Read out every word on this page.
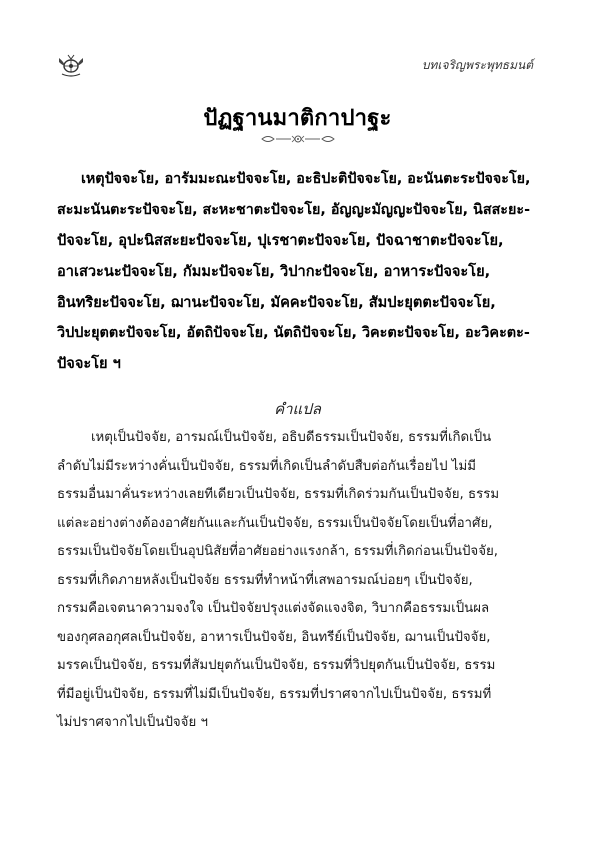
บทเจริญพระพุทธมนต์
ปัฏฐานมาติกาปาฐะ
เหตุปัจจะโย, อารัมมะณะปัจจะโย, อะธิปะติปัจจะโย, อะนันตะระปัจจะโย,
สะมะนันตะระปัจจะโย, สะหะชาตะปัจจะโย, อัญญะมัญญะปัจจะโย, นิสสะยะ-
ปัจจะโย, อุปะนิสสะยะปัจจะโย, ปุเรชาตะปัจจะโย, ปัจฉาชาตะปัจจะโย,
อาเสวะนะปัจจะโย, กัมมะปัจจะโย, วิปากะปัจจะโย, อาหาระปัจจะโย,
อินทริยะปัจจะโย, ฌานะปัจจะโย, มัคคะปัจจะโย, สัมปะยุตตะปัจจะโย,
วิปปะยุตตะปัจจะโย, อัตถิปัจจะโย, นัตถิปัจจะโย, วิคะตะปัจจะโย, อะวิคะตะ-
ปัจจะโย ฯ
คำแปล
เหตุเป็นปัจจัย, อารมณ์เป็นปัจจัย, อธิบดีธรรมเป็นปัจจัย, ธรรมที่เกิดเป็น
ลำดับไม่มีระหว่างคั่นเป็นปัจจัย, ธรรมที่เกิดเป็นลำดับสืบต่อกันเรื่อยไป ไม่มี
ธรรมอื่นมาคั่นระหว่างเลยทีเดียวเป็นปัจจัย, ธรรมที่เกิดร่วมกันเป็นปัจจัย, ธรรม
แต่ละอย่างต่างต้องอาศัยกันและกันเป็นปัจจัย, ธรรมเป็นปัจจัยโดยเป็นที่อาศัย,
ธรรมเป็นปัจจัยโดยเป็นอุปนิสัยที่อาศัยอย่างแรงกล้า, ธรรมที่เกิดก่อนเป็นปัจจัย,
ธรรมที่เกิดภายหลังเป็นปัจจัย ธรรมที่ทำหน้าที่เสพอารมณ์บ่อยๆ เป็นปัจจัย,
กรรมคือเจตนาความจงใจ เป็นปัจจัยปรุงแต่งจัดแจงจิต, วิบากคือธรรมเป็นผล
ของกุศลอกุศลเป็นปัจจัย, อาหารเป็นปัจจัย, อินทรีย์เป็นปัจจัย, ฌานเป็นปัจจัย,
มรรคเป็นปัจจัย, ธรรมที่สัมปยุตกันเป็นปัจจัย, ธรรมที่วิปยุตกันเป็นปัจจัย, ธรรม
ที่มีอยู่เป็นปัจจัย, ธรรมที่ไม่มีเป็นปัจจัย, ธรรมที่ปราศจากไปเป็นปัจจัย, ธรรมที่
ไม่ปราศจากไปเป็นปัจจัย ฯ
